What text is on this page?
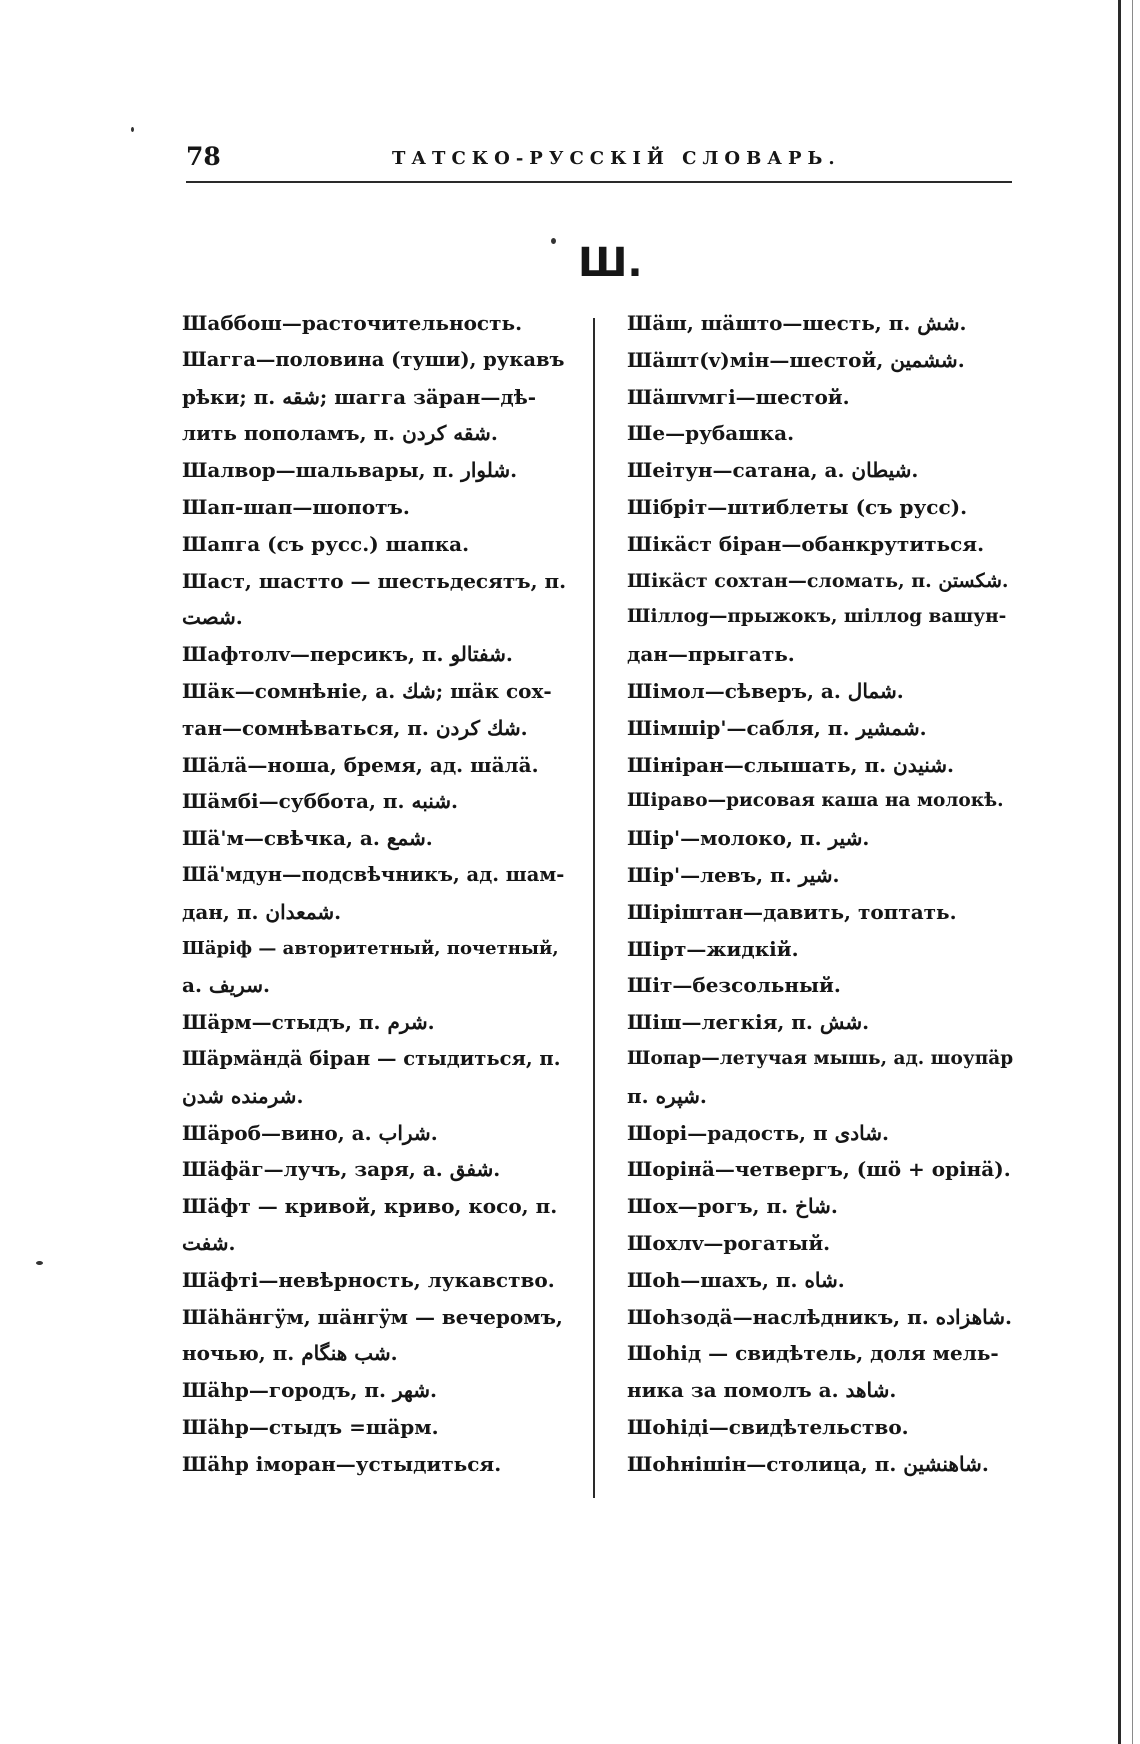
78	ТАТСКО-РУССКІЙ СЛОВАРЬ.
Ш.

Шаббош—расточительность.

Шагга—половина (туши), рукавъ

рѣки; п. شقه; шагга зäран—дѣ-

лить пополамъ, п. شقه کردن.

Шалвор—шальвары, п. شلوار.

Шап-шап—шопотъ.

Шапга (съ русс.) шапка.

Шаст, шастто — шестьдесятъ, п.

شصت.

Шафтолv—персикъ, п. شفتالو.

Шäк—сомнѣніе, а. شك; шäк сох-

тан—сомнѣваться, п. شك کردن.

Шäлä—ноша, бремя, ад. шäлä.

Шäмбі—суббота, п. شنبه.

Шä'м—свѣчка, а. شمع.

Шä'мдун—подсвѣчникъ, ад. шам-

дан, п. شمعدان.

Шäріф — авторитетный, почетный,

а. سريف.

Шäрм—стыдъ, п. شرم.

Шäрмäндä біран — стыдиться, п.

شرمنده شدن.

Шäроб—вино, а. شراب.

Шäфäг—лучъ, заря, а. شفق.

Шäфт — кривой, криво, косо, п.

شفت.

Шäфті—невѣрность, лукавство.

Шähäнгÿм, шäнгÿм — вечеромъ,

ночью, п. شب هنگام.

Шähр—городъ, п. شهر.

Шähр—стыдъ =шäрм.

Шähр іморан—устыдиться.

Шäш, шäшто—шесть, п. شش.

Шäшт(v)мін—шестой, ششمين.

Шäшvмгі—шестой.

Ше—рубашка.

Шеітун—сатана, а. شيطان.

Шібріт—штиблеты (съ русс).

Шікäст біран—обанкрутиться.

Шікäст сохтан—сломать, п. شكستن.

Шіллоg—прыжокъ, шіллоg вашун-

дан—прыгать.

Шімол—сѣверъ, а. شمال.

Шімшір'—сабля, п. شمشير.

Шініран—слышать, п. شنيدن.

Шіраво—рисовая каша на молокѣ.

Шір'—молоко, п. شير.

Шір'—левъ, п. شير.

Шіріштан—давить, топтать.

Шірт—жидкій.

Шіт—безсольный.

Шіш—легкія, п. شش.

Шопар—летучая мышь, ад. шоупäр

п. شپره.

Шорі—радость, п شادى.

Шорінä—четвергъ, (шö + орінä).

Шох—рогъ, п. شاخ.

Шохлv—рогатый.

Шоh—шахъ, п. شاه.

Шоhзодä—наслѣдникъ, п. شاهزاده.

Шоhід — свидѣтель, доля мель-

ника за помолъ а. شاهد.

Шоhіді—свидѣтельство.

Шоhнішін—столица, п. شاهنشين.
